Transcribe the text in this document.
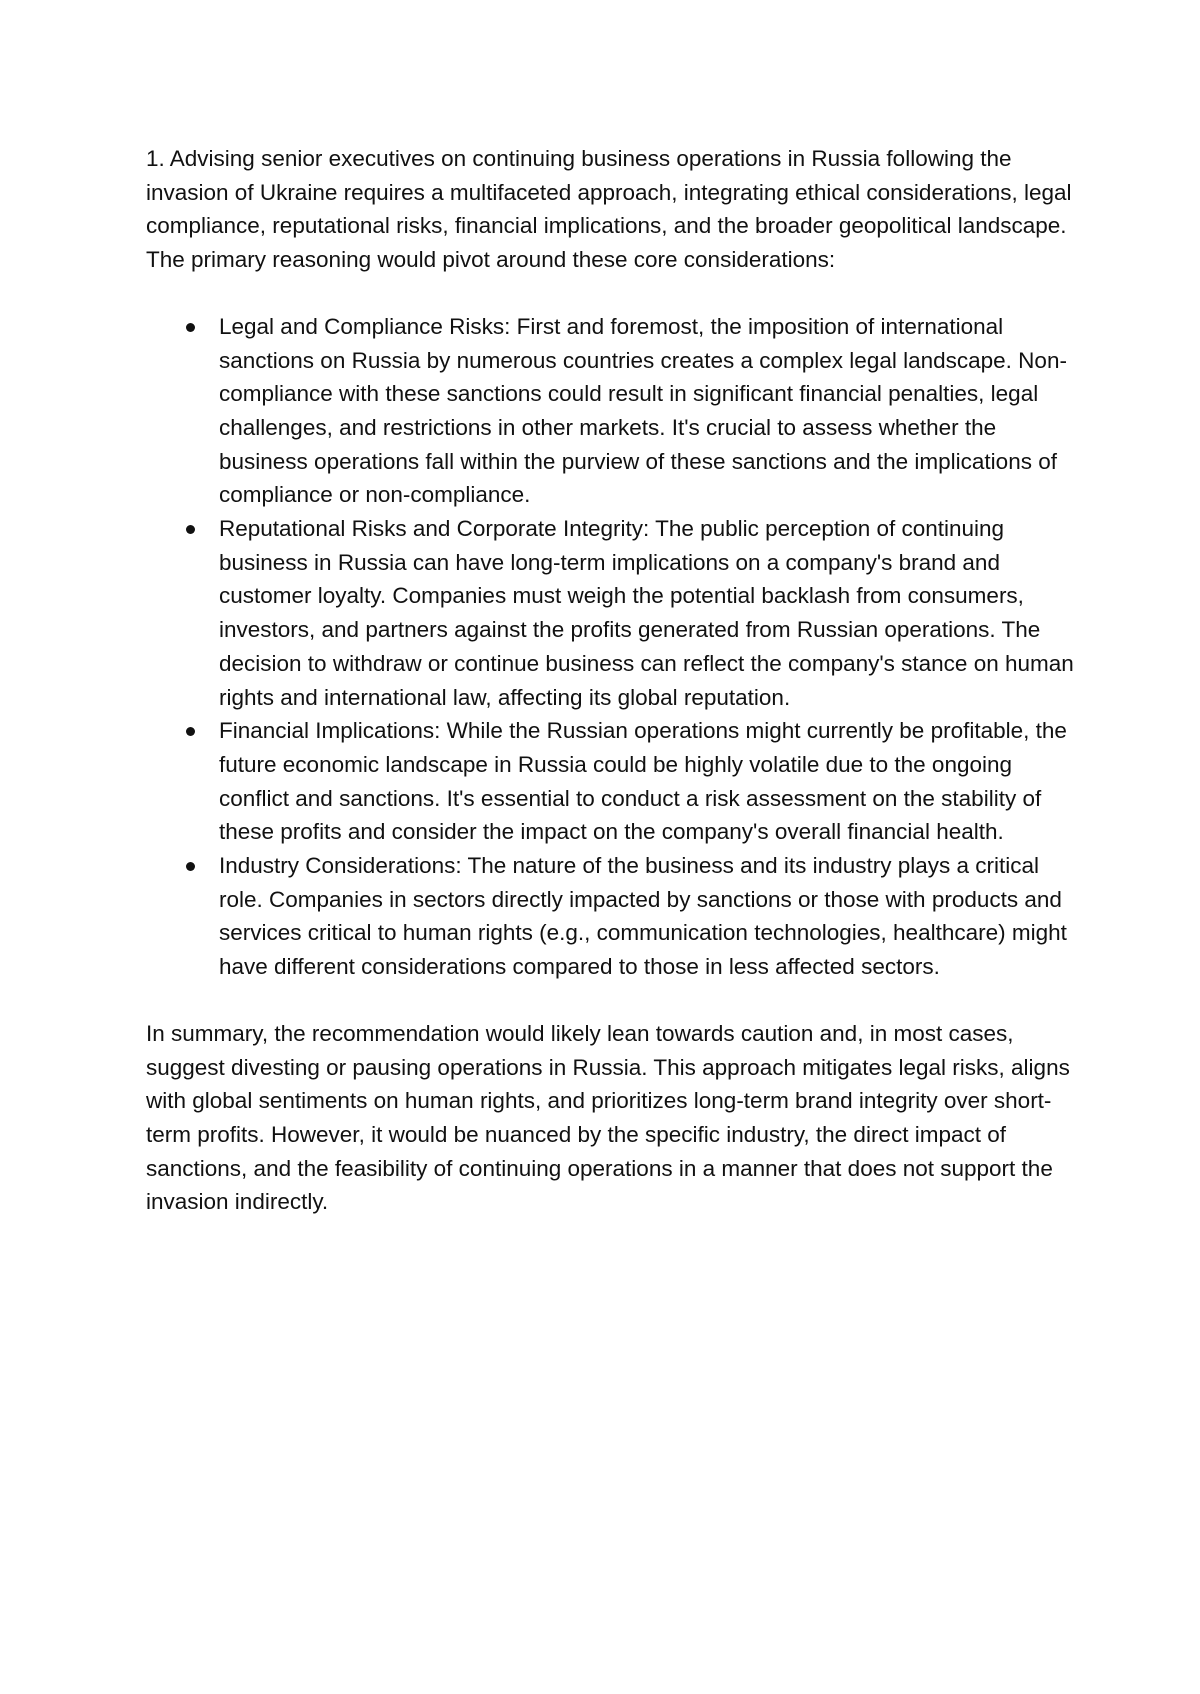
1. Advising senior executives on continuing business operations in Russia following the invasion of Ukraine requires a multifaceted approach, integrating ethical considerations, legal compliance, reputational risks, financial implications, and the broader geopolitical landscape. The primary reasoning would pivot around these core considerations:

Legal and Compliance Risks: First and foremost, the imposition of international sanctions on Russia by numerous countries creates a complex legal landscape. Non-compliance with these sanctions could result in significant financial penalties, legal challenges, and restrictions in other markets. It's crucial to assess whether the business operations fall within the purview of these sanctions and the implications of compliance or non-compliance.
Reputational Risks and Corporate Integrity: The public perception of continuing business in Russia can have long-term implications on a company's brand and customer loyalty. Companies must weigh the potential backlash from consumers, investors, and partners against the profits generated from Russian operations. The decision to withdraw or continue business can reflect the company's stance on human rights and international law, affecting its global reputation.
Financial Implications: While the Russian operations might currently be profitable, the future economic landscape in Russia could be highly volatile due to the ongoing conflict and sanctions. It's essential to conduct a risk assessment on the stability of these profits and consider the impact on the company's overall financial health.
Industry Considerations: The nature of the business and its industry plays a critical role. Companies in sectors directly impacted by sanctions or those with products and services critical to human rights (e.g., communication technologies, healthcare) might have different considerations compared to those in less affected sectors.

In summary, the recommendation would likely lean towards caution and, in most cases, suggest divesting or pausing operations in Russia. This approach mitigates legal risks, aligns with global sentiments on human rights, and prioritizes long-term brand integrity over short-term profits. However, it would be nuanced by the specific industry, the direct impact of sanctions, and the feasibility of continuing operations in a manner that does not support the invasion indirectly.
